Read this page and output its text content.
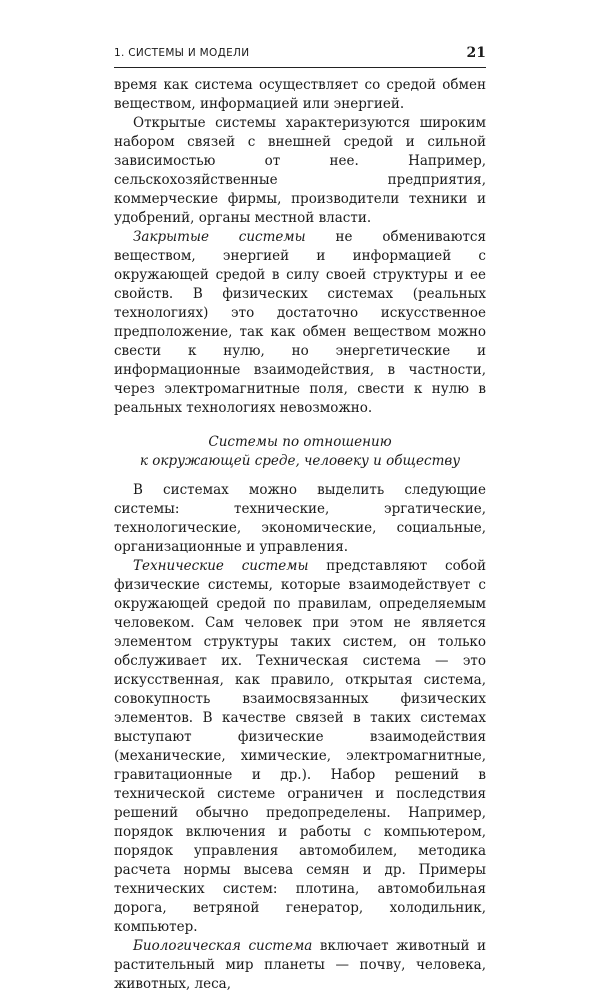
1. СИСТЕМЫ И МОДЕЛИ	21

время как система осуществляет со средой обмен веществом, информацией или энергией.

Открытые системы характеризуются широким набором связей с внешней средой и сильной зависимостью от нее. Например, сельскохозяйственные предприятия, коммерческие фирмы, производители техники и удобрений, органы местной власти.

Закрытые системы не обмениваются веществом, энергией и информацией с окружающей средой в силу своей структуры и ее свойств. В физических системах (реальных технологиях) это достаточно искусственное предположение, так как обмен веществом можно свести к нулю, но энергетические и информационные взаимодействия, в частности, через электромагнитные поля, свести к нулю в реальных технологиях невозможно.

Системы по отношению
к окружающей среде, человеку и обществу

В системах можно выделить следующие системы: технические, эргатические, технологические, экономические, социальные, организационные и управления.

Технические системы представляют собой физические системы, которые взаимодействует с окружающей средой по правилам, определяемым человеком. Сам человек при этом не является элементом структуры таких систем, он только обслуживает их. Техническая система — это искусственная, как правило, открытая система, совокупность взаимосвязанных физических элементов. В качестве связей в таких системах выступают физические взаимодействия (механические, химические, электромагнитные, гравитационные и др.). Набор решений в технической системе ограничен и последствия решений обычно предопределены. Например, порядок включения и работы с компьютером, порядок управления автомобилем, методика расчета нормы высева семян и др. Примеры технических систем: плотина, автомобильная дорога, ветряной генератор, холодильник, компьютер.

Биологическая система включает животный и растительный мир планеты — почву, человека, животных, леса,
